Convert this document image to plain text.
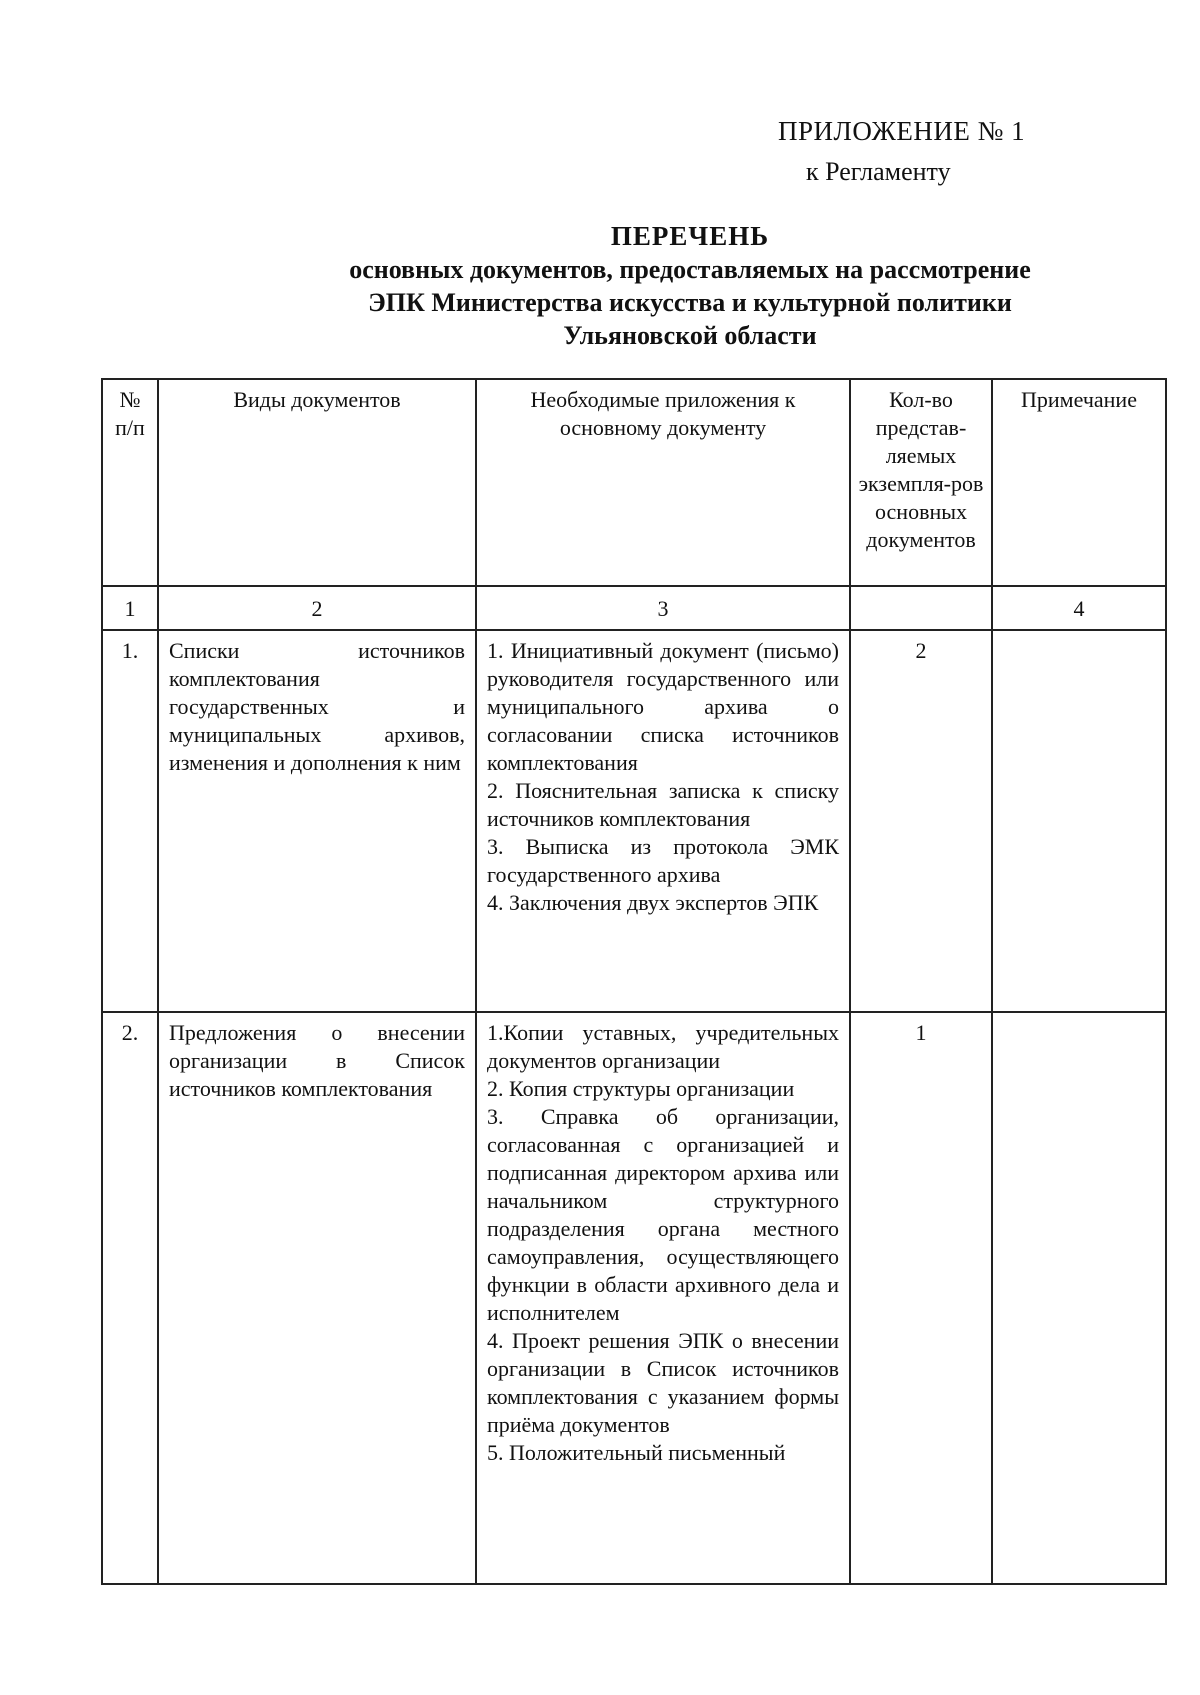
ПРИЛОЖЕНИЕ № 1
к Регламенту
ПЕРЕЧЕНЬ
основных документов, предоставляемых на рассмотрение
ЭПК Министерства искусства и культурной политики
Ульяновской области
№ п/п	Виды документов	Необходимые приложения к основному документу	Кол-во представ-ляемых экземпля-ров основных документов	Примечание
1	2	3		4
1.	Списки источников комплектования государственных и муниципальных архивов, изменения и дополнения к ним	1. Инициативный документ (письмо) руководителя государственного или муниципального архива о согласовании списка источников комплектования
2. Пояснительная записка к списку источников комплектования
3. Выписка из протокола ЭМК государственного архива
4. Заключения двух экспертов ЭПК	2	
2.	Предложения о внесении организации в Список источников комплектования	1.Копии уставных, учредительных документов организации
2. Копия структуры организации
3. Справка об организации, согласованная с организацией и подписанная директором архива или начальником структурного подразделения органа местного самоуправления, осуществляющего функции в области архивного дела и исполнителем
4. Проект решения ЭПК о внесении организации в Список источников комплектования с указанием формы приёма документов
5. Положительный письменный	1	
